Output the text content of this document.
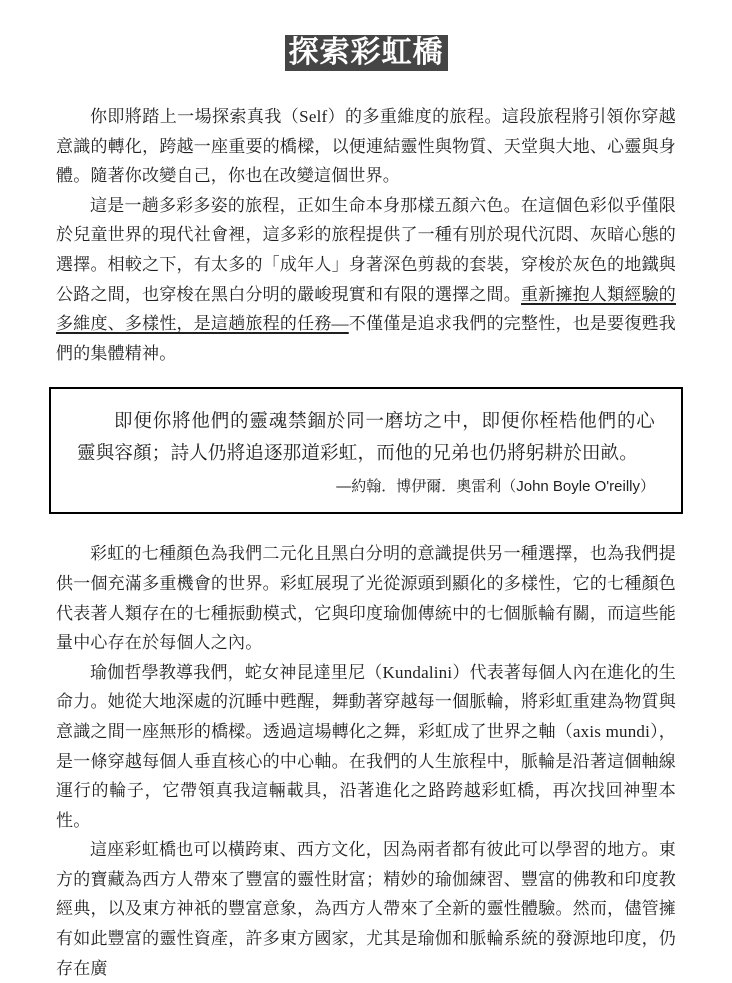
探索彩虹橋

你即將踏上一場探索真我（Self）的多重維度的旅程。這段旅程將引領你穿越意識的轉化，跨越一座重要的橋樑，以便連結靈性與物質、天堂與大地、心靈與身體。隨著你改變自己，你也在改變這個世界。

這是一趟多彩多姿的旅程，正如生命本身那樣五顏六色。在這個色彩似乎僅限於兒童世界的現代社會裡，這多彩的旅程提供了一種有別於現代沉悶、灰暗心態的選擇。相較之下，有太多的「成年人」身著深色剪裁的套裝，穿梭於灰色的地鐵與公路之間，也穿梭在黑白分明的嚴峻現實和有限的選擇之間。重新擁抱人類經驗的多維度、多樣性，是這趟旅程的任務—不僅僅是追求我們的完整性，也是要復甦我們的集體精神。

即便你將他們的靈魂禁錮於同一磨坊之中，即便你桎梏他們的心靈與容顏；詩人仍將追逐那道彩虹，而他的兄弟也仍將躬耕於田畝。

—約翰．博伊爾．奧雷利（John Boyle O'reilly）

彩虹的七種顏色為我們二元化且黑白分明的意識提供另一種選擇，也為我們提供一個充滿多重機會的世界。彩虹展現了光從源頭到顯化的多樣性，它的七種顏色代表著人類存在的七種振動模式，它與印度瑜伽傳統中的七個脈輪有關，而這些能量中心存在於每個人之內。

瑜伽哲學教導我們，蛇女神昆達里尼（Kundalini）代表著每個人內在進化的生命力。她從大地深處的沉睡中甦醒，舞動著穿越每一個脈輪，將彩虹重建為物質與意識之間一座無形的橋樑。透過這場轉化之舞，彩虹成了世界之軸（axis mundi），是一條穿越每個人垂直核心的中心軸。在我們的人生旅程中，脈輪是沿著這個軸線運行的輪子，它帶領真我這輛載具，沿著進化之路跨越彩虹橋，再次找回神聖本性。

這座彩虹橋也可以橫跨東、西方文化，因為兩者都有彼此可以學習的地方。東方的寶藏為西方人帶來了豐富的靈性財富；精妙的瑜伽練習、豐富的佛教和印度教經典，以及東方神祇的豐富意象，為西方人帶來了全新的靈性體驗。然而，儘管擁有如此豐富的靈性資產，許多東方國家，尤其是瑜伽和脈輪系統的發源地印度，仍存在廣
